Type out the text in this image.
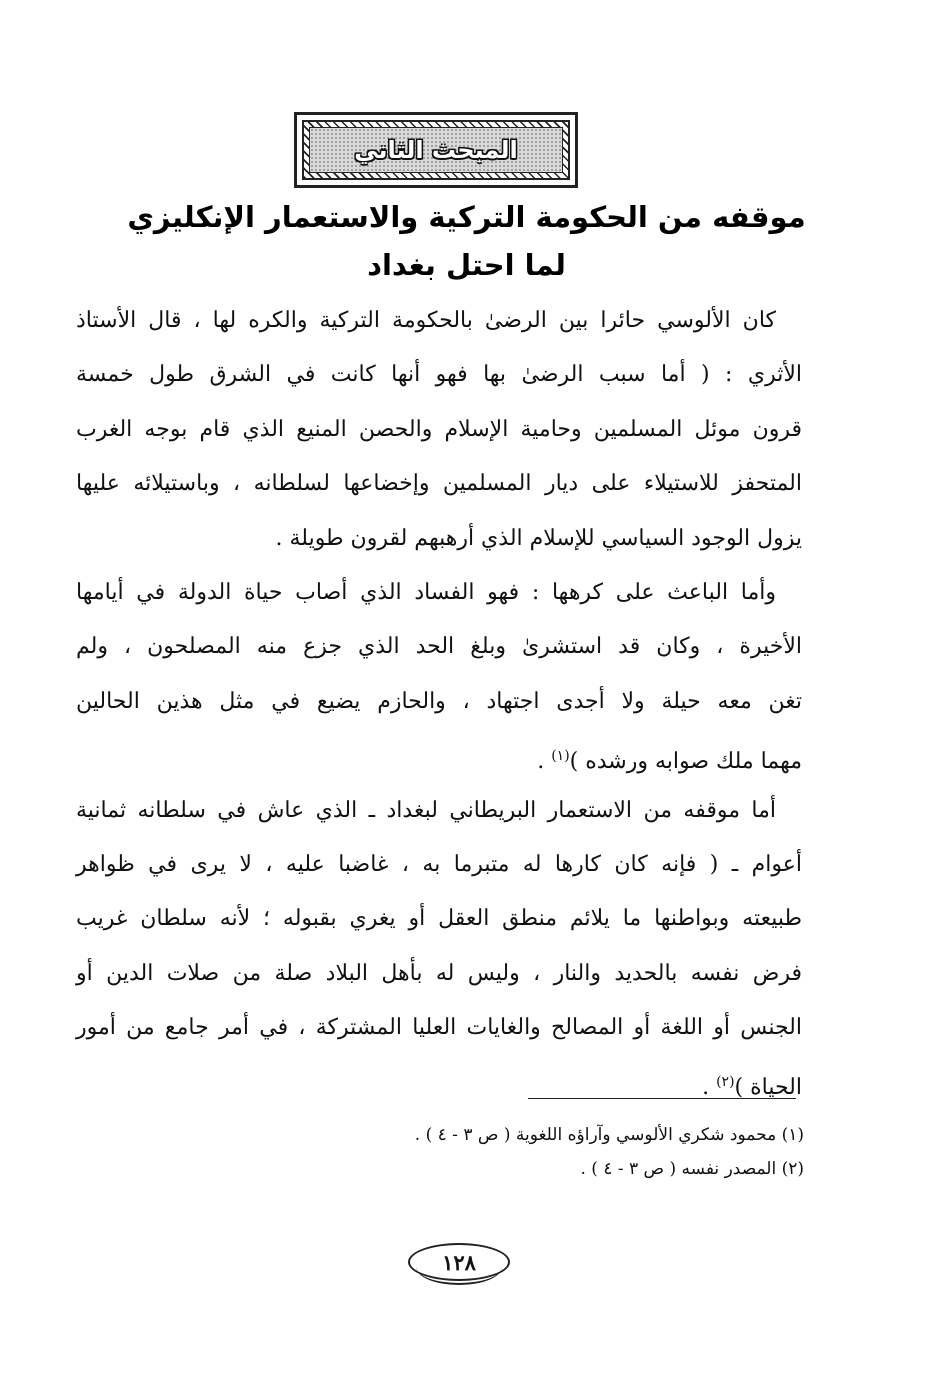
المبحث الثاني
موقفه من الحكومة التركية والاستعمار الإنكليزي
لما احتل بغداد
كان الألوسي حائرا بين الرضىٰ بالحكومة التركية والكره لها ، قال الأستاذ
الأثري : ( أما سبب الرضىٰ بها فهو أنها كانت في الشرق طول خمسة
قرون موئل المسلمين وحامية الإسلام والحصن المنيع الذي قام بوجه الغرب
المتحفز للاستيلاء على ديار المسلمين وإخضاعها لسلطانه ، وباستيلائه عليها
يزول الوجود السياسي للإسلام الذي أرهبهم لقرون طويلة .
وأما الباعث على كرهها : فهو الفساد الذي أصاب حياة الدولة في أيامها
الأخيرة ، وكان قد استشرىٰ وبلغ الحد الذي جزع منه المصلحون ، ولم
تغن معه حيلة ولا أجدى اجتهاد ، والحازم يضيع في مثل هذين الحالين
مهما ملك صوابه ورشده )$^{(١)}$ .
أما موقفه من الاستعمار البريطاني لبغداد ـ الذي عاش في سلطانه ثمانية
أعوام ـ ( فإنه كان كارها له متبرما به ، غاضبا عليه ، لا يرى في ظواهر
طبيعته وبواطنها ما يلائم منطق العقل أو يغري بقبوله ؛ لأنه سلطان غريب
فرض نفسه بالحديد والنار ، وليس له بأهل البلاد صلة من صلات الدين أو
الجنس أو اللغة أو المصالح والغايات العليا المشتركة ، في أمر جامع من أمور
الحياة )$^{(٢)}$ .
(١) محمود شكري الألوسي وآراؤه اللغوية ( ص ٣ - ٤ ) .
(٢) المصدر نفسه ( ص ٣ - ٤ ) .
١٢٨
